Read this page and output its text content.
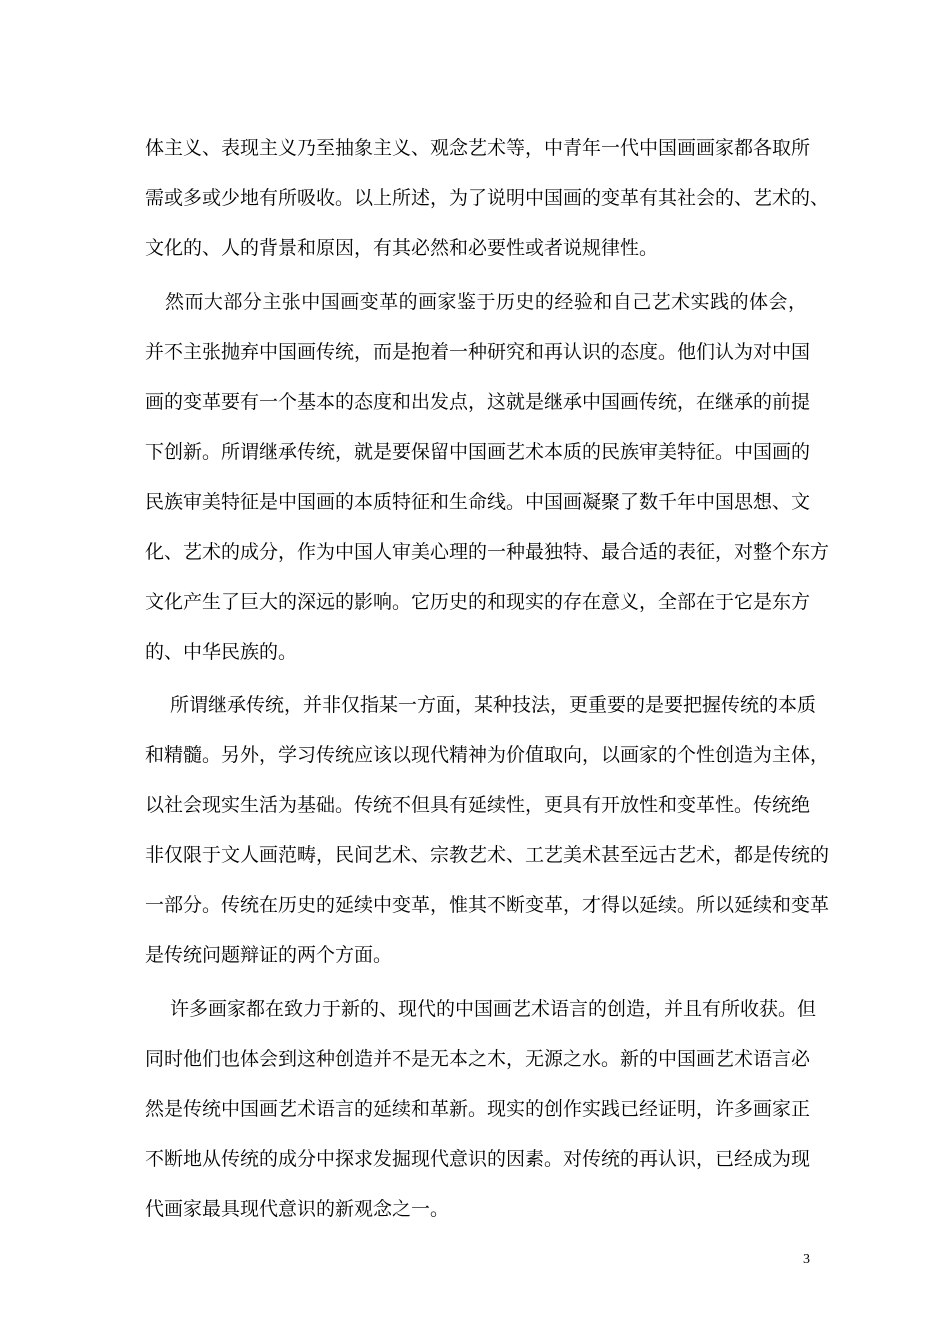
体主义、表现主义乃至抽象主义、观念艺术等，中青年一代中国画画家都各取所
需或多或少地有所吸收。以上所述，为了说明中国画的变革有其社会的、艺术的、
文化的、人的背景和原因，有其必然和必要性或者说规律性。
然而大部分主张中国画变革的画家鉴于历史的经验和自己艺术实践的体会，
并不主张抛弃中国画传统，而是抱着一种研究和再认识的态度。他们认为对中国
画的变革要有一个基本的态度和出发点，这就是继承中国画传统，在继承的前提
下创新。所谓继承传统，就是要保留中国画艺术本质的民族审美特征。中国画的
民族审美特征是中国画的本质特征和生命线。中国画凝聚了数千年中国思想、文
化、艺术的成分，作为中国人审美心理的一种最独特、最合适的表征，对整个东方
文化产生了巨大的深远的影响。它历史的和现实的存在意义，全部在于它是东方
的、中华民族的。
所谓继承传统，并非仅指某一方面，某种技法，更重要的是要把握传统的本质
和精髓。另外，学习传统应该以现代精神为价值取向，以画家的个性创造为主体，
以社会现实生活为基础。传统不但具有延续性，更具有开放性和变革性。传统绝
非仅限于文人画范畴，民间艺术、宗教艺术、工艺美术甚至远古艺术，都是传统的
一部分。传统在历史的延续中变革，惟其不断变革，才得以延续。所以延续和变革
是传统问题辩证的两个方面。
许多画家都在致力于新的、现代的中国画艺术语言的创造，并且有所收获。但
同时他们也体会到这种创造并不是无本之木，无源之水。新的中国画艺术语言必
然是传统中国画艺术语言的延续和革新。现实的创作实践已经证明，许多画家正
不断地从传统的成分中探求发掘现代意识的因素。对传统的再认识，已经成为现
代画家最具现代意识的新观念之一。
3
